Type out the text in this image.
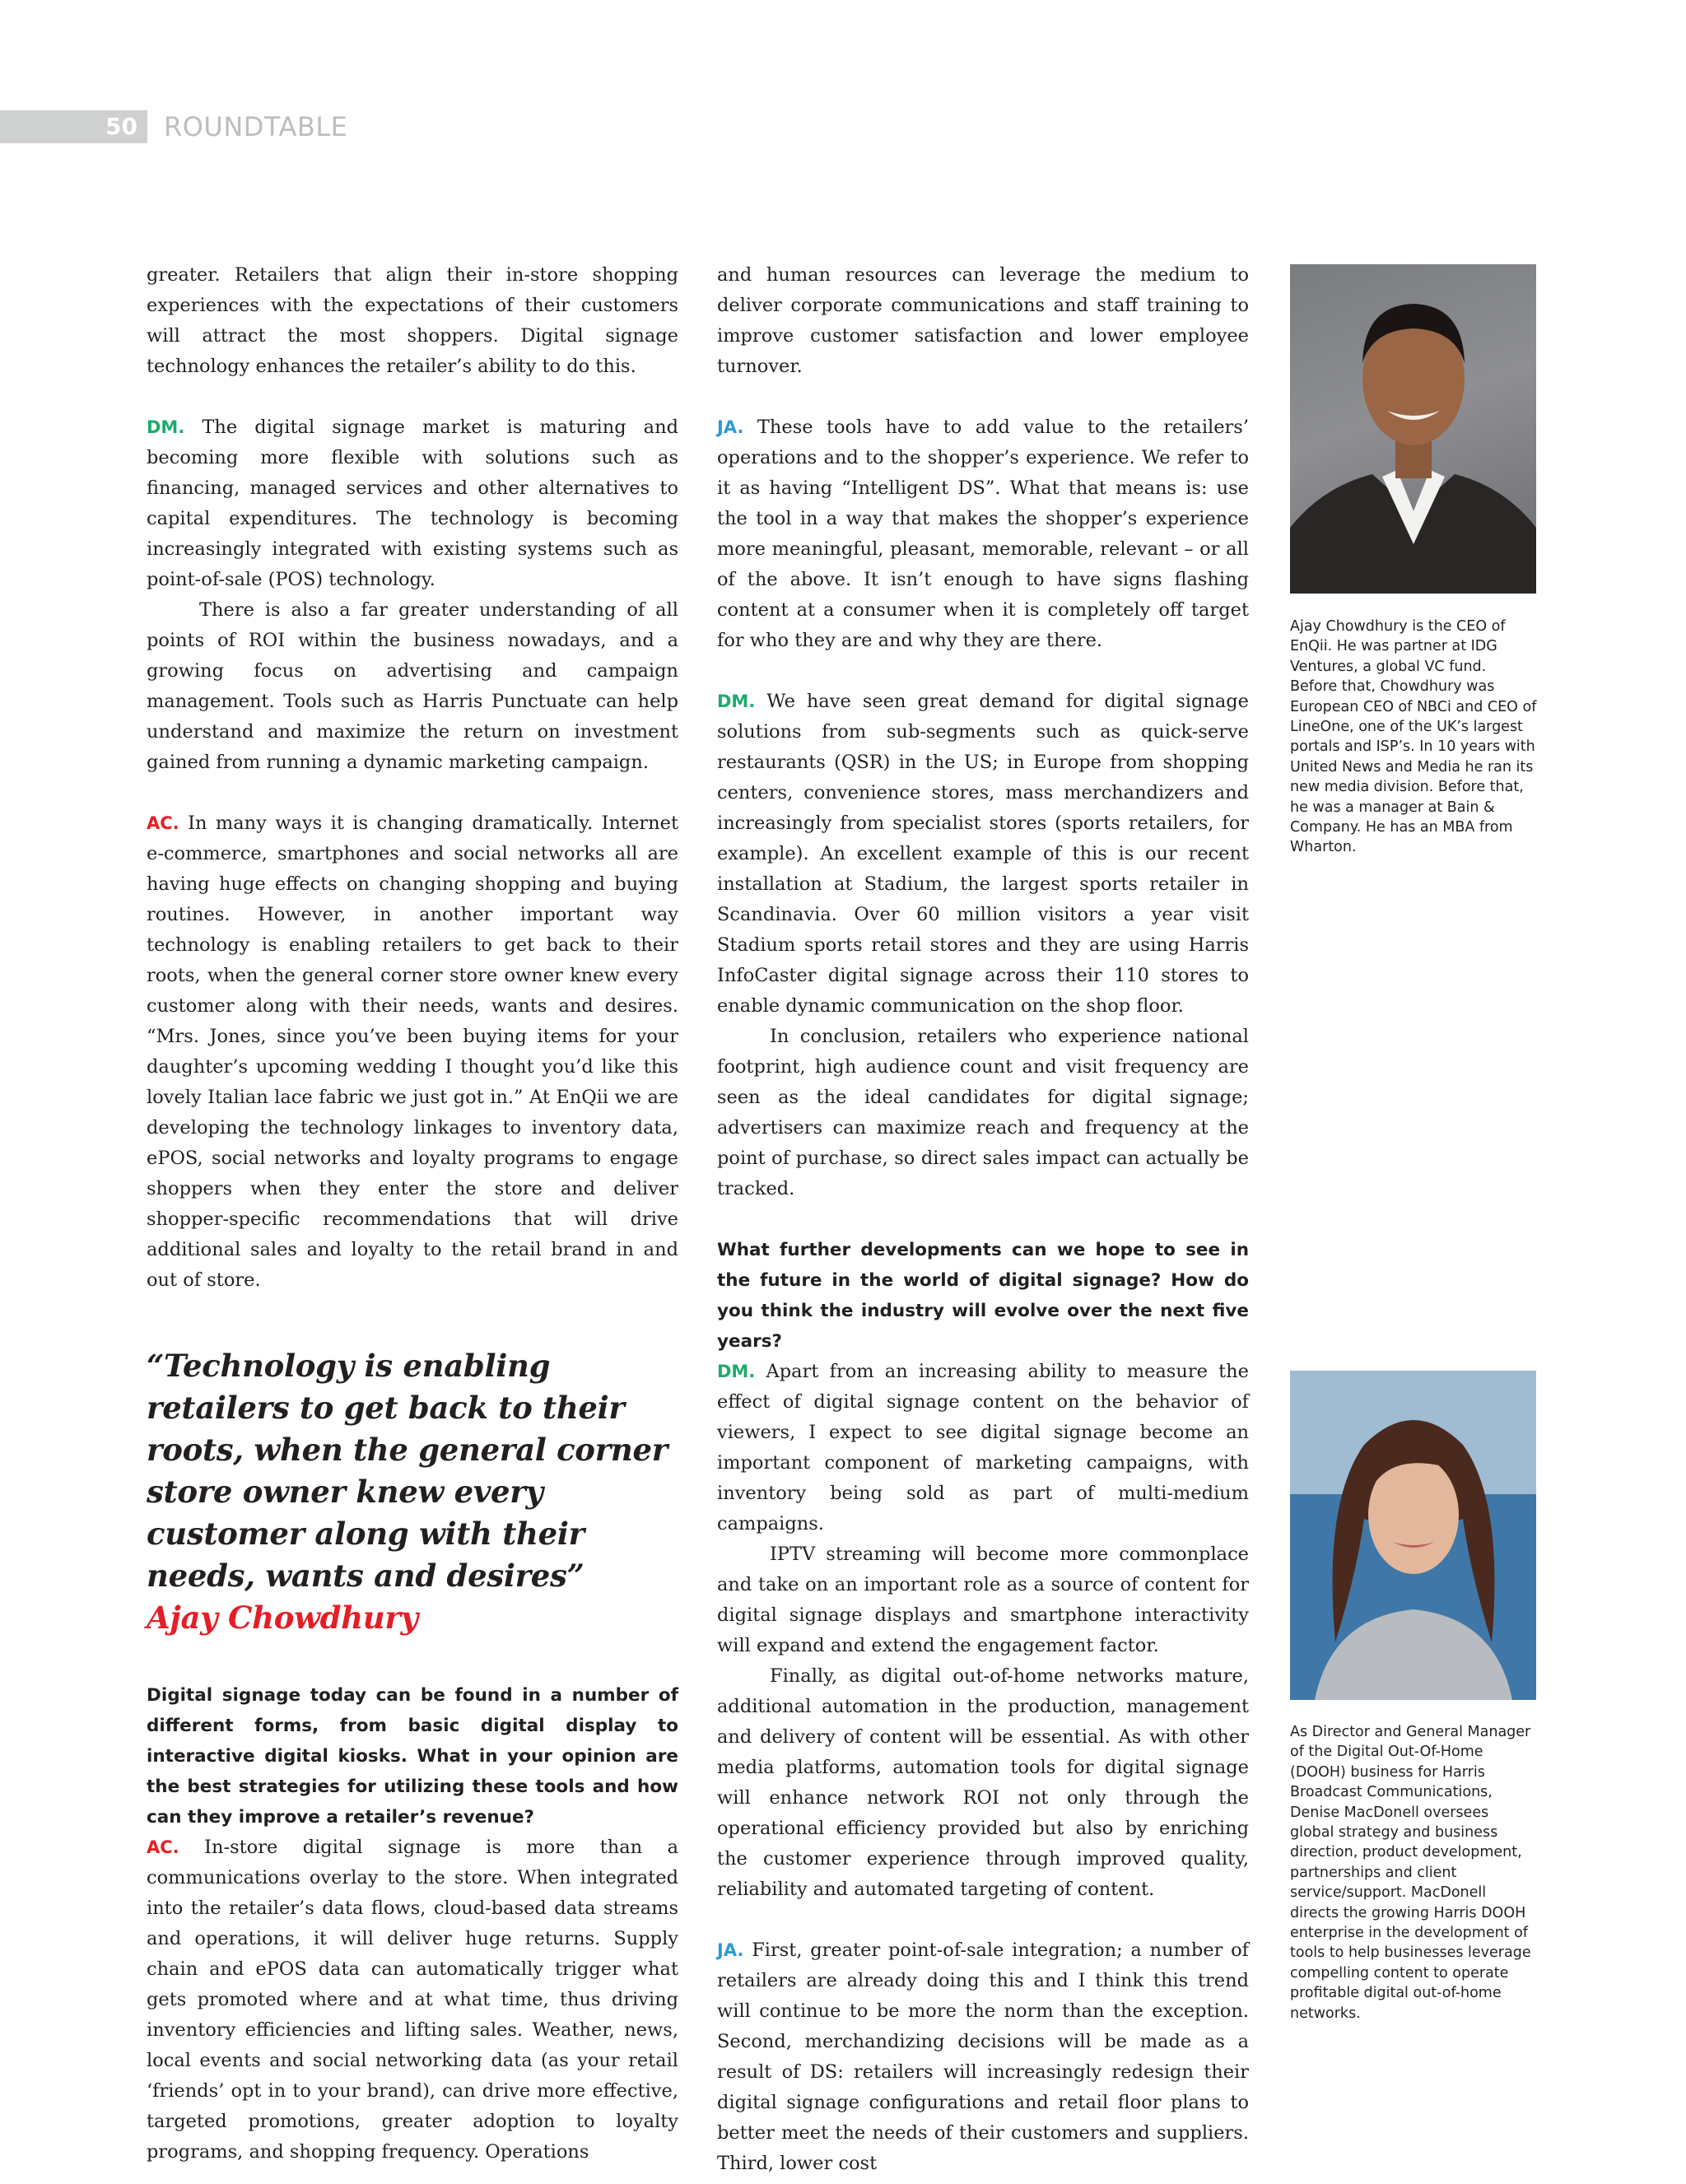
50 ROUNDTABLE

greater. Retailers that align their in-store shopping experiences with the expectations of their customers will attract the most shoppers. Digital signage technology enhances the retailer’s ability to do this.

DM. The digital signage market is maturing and becoming more flexible with solutions such as financing, managed services and other alternatives to capital expenditures. The technology is becoming increasingly integrated with existing systems such as point-of-sale (POS) technology.

There is also a far greater understanding of all points of ROI within the business nowadays, and a growing focus on advertising and campaign management. Tools such as Harris Punctuate can help understand and maximize the return on investment gained from running a dynamic marketing campaign.

AC. In many ways it is changing dramatically. Internet e-commerce, smartphones and social networks all are having huge effects on changing shopping and buying routines. However, in another important way technology is enabling retailers to get back to their roots, when the general corner store owner knew every customer along with their needs, wants and desires. “Mrs. Jones, since you’ve been buying items for your daughter’s upcoming wedding I thought you’d like this lovely Italian lace fabric we just got in.” At EnQii we are developing the technology linkages to inventory data, ePOS, social networks and loyalty programs to engage shoppers when they enter the store and deliver shopper-specific recommendations that will drive additional sales and loyalty to the retail brand in and out of store.

“Technology is enabling retailers to get back to their roots, when the general corner store owner knew every customer along with their needs, wants and desires”
Ajay Chowdhury

Digital signage today can be found in a number of different forms, from basic digital display to interactive digital kiosks. What in your opinion are the best strategies for utilizing these tools and how can they improve a retailer’s revenue?

AC. In-store digital signage is more than a communications overlay to the store. When integrated into the retailer’s data flows, cloud-based data streams and operations, it will deliver huge returns. Supply chain and ePOS data can automatically trigger what gets promoted where and at what time, thus driving inventory efficiencies and lifting sales. Weather, news, local events and social networking data (as your retail ‘friends’ opt in to your brand), can drive more effective, targeted promotions, greater adoption to loyalty programs, and shopping frequency. Operations

and human resources can leverage the medium to deliver corporate communications and staff training to improve customer satisfaction and lower employee turnover.

JA. These tools have to add value to the retailers’ operations and to the shopper’s experience. We refer to it as having “Intelligent DS”. What that means is: use the tool in a way that makes the shopper’s experience more meaningful, pleasant, memorable, relevant – or all of the above. It isn’t enough to have signs flashing content at a consumer when it is completely off target for who they are and why they are there.

DM. We have seen great demand for digital signage solutions from sub-segments such as quick-serve restaurants (QSR) in the US; in Europe from shopping centers, convenience stores, mass merchandizers and increasingly from specialist stores (sports retailers, for example). An excellent example of this is our recent installation at Stadium, the largest sports retailer in Scandinavia. Over 60 million visitors a year visit Stadium sports retail stores and they are using Harris InfoCaster digital signage across their 110 stores to enable dynamic communication on the shop floor.

In conclusion, retailers who experience national footprint, high audience count and visit frequency are seen as the ideal candidates for digital signage; advertisers can maximize reach and frequency at the point of purchase, so direct sales impact can actually be tracked.

What further developments can we hope to see in the future in the world of digital signage? How do you think the industry will evolve over the next five years?

DM. Apart from an increasing ability to measure the effect of digital signage content on the behavior of viewers, I expect to see digital signage become an important component of marketing campaigns, with inventory being sold as part of multi-medium campaigns.

IPTV streaming will become more commonplace and take on an important role as a source of content for digital signage displays and smartphone interactivity will expand and extend the engagement factor.

Finally, as digital out-of-home networks mature, additional automation in the production, management and delivery of content will be essential. As with other media platforms, automation tools for digital signage will enhance network ROI not only through the operational efficiency provided but also by enriching the customer experience through improved quality, reliability and automated targeting of content.

JA. First, greater point-of-sale integration; a number of retailers are already doing this and I think this trend will continue to be more the norm than the exception. Second, merchandizing decisions will be made as a result of DS: retailers will increasingly redesign their digital signage configurations and retail floor plans to better meet the needs of their customers and suppliers. Third, lower cost

Ajay Chowdhury is the CEO of EnQii. He was partner at IDG Ventures, a global VC fund. Before that, Chowdhury was European CEO of NBCi and CEO of LineOne, one of the UK’s largest portals and ISP’s. In 10 years with United News and Media he ran its new media division. Before that, he was a manager at Bain & Company. He has an MBA from Wharton.
As Director and General Manager of the Digital Out-Of-Home (DOOH) business for Harris Broadcast Communications, Denise MacDonell oversees global strategy and business direction, product development, partnerships and client service/support. MacDonell directs the growing Harris DOOH enterprise in the development of tools to help businesses leverage compelling content to operate profitable digital out-of-home networks.
